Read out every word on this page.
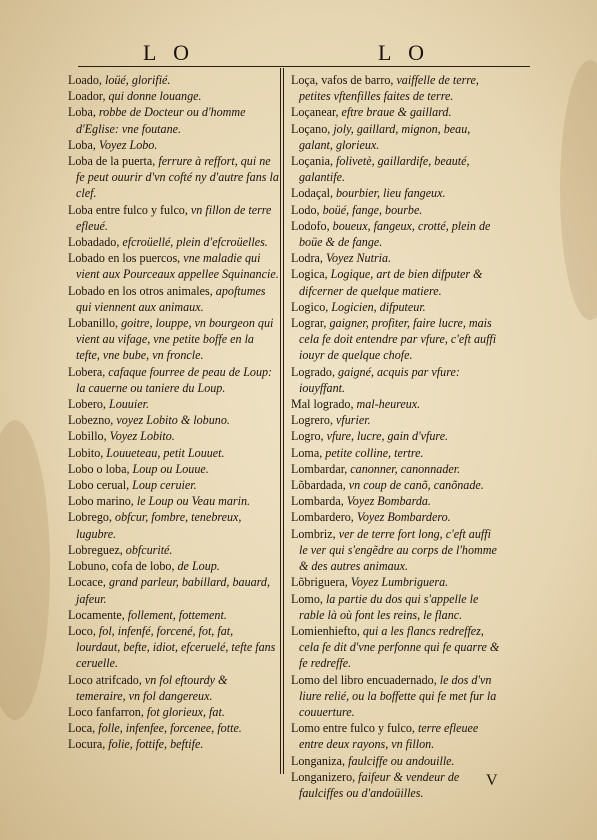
L O	L O

Loado, loüé, glorifié.

Loador, qui donne louange.

Loba, robbe de Docteur ou d'homme d'Eglise: vne foutane.

Loba, Voyez Lobo.

Loba de la puerta, ferrure à reffort, qui ne fe peut ouurir d'vn cofté ny d'autre fans la clef.

Loba entre fulco y fulco, vn fillon de terre efleué.

Lobadado, efcroüellé, plein d'efcroüelles.

Lobado en los puercos, vne maladie qui vient aux Pourceaux appellee Squinancie.

Lobado en los otros animales, apoftumes qui viennent aux animaux.

Lobanillo, goitre, louppe, vn bourgeon qui vient au vifage, vne petite boffe en la tefte, vne bube, vn froncle.

Lobera, cafaque fourree de peau de Loup: la cauerne ou taniere du Loup.

Lobero, Louuier.

Lobezno, voyez Lobito & lobuno.

Lobillo, Voyez Lobito.

Lobito, Louueteau, petit Louuet.

Lobo o loba, Loup ou Louue.

Lobo cerual, Loup ceruier.

Lobo marino, le Loup ou Veau marin.

Lobrego, obfcur, fombre, tenebreux, lugubre.

Lobreguez, obfcurité.

Lobuno, cofa de lobo, de Loup.

Locace, grand parleur, babillard, bauard, jafeur.

Locamente, follement, fottement.

Loco, fol, infenfé, forcené, fot, fat, lourdaut, befte, idiot, efceruelé, tefte fans ceruelle.

Loco atrifcado, vn fol eftourdy & temeraire, vn fol dangereux.

Loco fanfarron, fot glorieux, fat.

Loca, folle, infenfee, forcenee, fotte.

Locura, folie, fottife, beftife.

Loça, vafos de barro, vaiffelle de terre, petites vftenfilles faites de terre.

Loçanear, eftre braue & gaillard.

Loçano, joly, gaillard, mignon, beau, galant, glorieux.

Loçania, folivetè, gaillardife, beauté, galantife.

Lodaçal, bourbier, lieu fangeux.

Lodo, boüé, fange, bourbe.

Lodofo, boueux, fangeux, crotté, plein de boüe & de fange.

Lodra, Voyez Nutria.

Logica, Logique, art de bien difputer & difcerner de quelque matiere.

Logico, Logicien, difputeur.

Lograr, gaigner, profiter, faire lucre, mais cela fe doit entendre par vfure, c'eft auffi iouyr de quelque chofe.

Logrado, gaigné, acquis par vfure: iouyffant.

Mal logrado, mal-heureux.

Logrero, vfurier.

Logro, vfure, lucre, gain d'vfure.

Loma, petite colline, tertre.

Lombardar, canonner, canonnader.

Lõbardada, vn coup de canõ, canõnade.

Lombarda, Voyez Bombarda.

Lombardero, Voyez Bombardero.

Lombriz, ver de terre fort long, c'eft auffi le ver qui s'engẽdre au corps de l'homme & des autres animaux.

Lõbriguera, Voyez Lumbriguera.

Lomo, la partie du dos qui s'appelle le rable là où font les reins, le flanc.

Lomienhiefto, qui a les flancs redreffez, cela fe dit d'vne perfonne qui fe quarre & fe redreffe.

Lomo del libro encuadernado, le dos d'vn liure relié, ou la boffette qui fe met fur la couuerture.

Lomo entre fulco y fulco, terre efleuee entre deux rayons, vn fillon.

Longaniza, faulciffe ou andouille.

Longanizero, faifeur & vendeur de faulciffes ou d'andoüilles.

V
